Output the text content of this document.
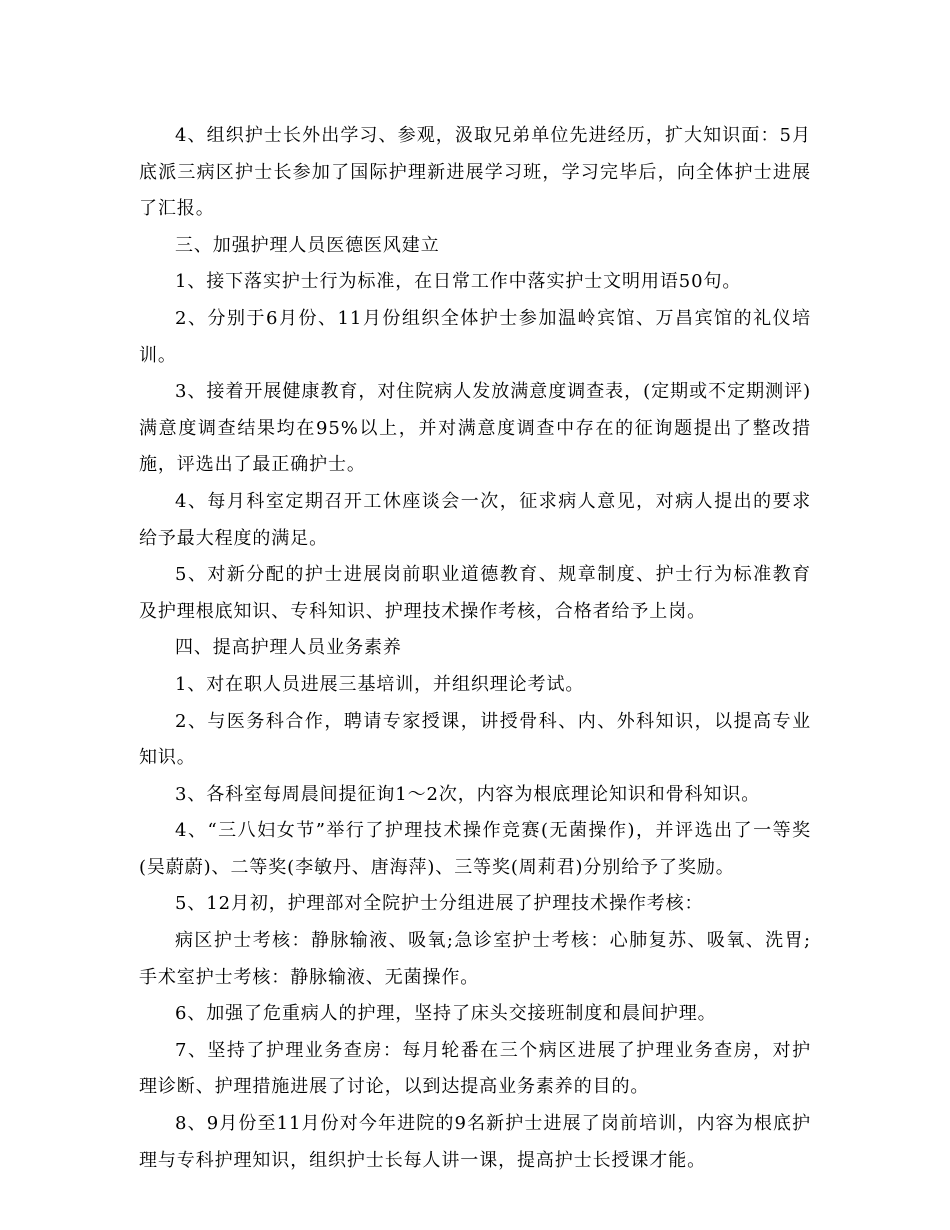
4、组织护士长外出学习、参观，汲取兄弟单位先进经历，扩大知识面：5月底派三病区护士长参加了国际护理新进展学习班，学习完毕后，向全体护士进展了汇报。

三、加强护理人员医德医风建立

1、接下落实护士行为标准，在日常工作中落实护士文明用语50句。

2、分别于6月份、11月份组织全体护士参加温岭宾馆、万昌宾馆的礼仪培训。

3、接着开展健康教育，对住院病人发放满意度调查表，(定期或不定期测评)满意度调查结果均在95%以上，并对满意度调查中存在的征询题提出了整改措施，评选出了最正确护士。

4、每月科室定期召开工休座谈会一次，征求病人意见，对病人提出的要求给予最大程度的满足。

5、对新分配的护士进展岗前职业道德教育、规章制度、护士行为标准教育及护理根底知识、专科知识、护理技术操作考核，合格者给予上岗。

四、提高护理人员业务素养

1、对在职人员进展三基培训，并组织理论考试。

2、与医务科合作，聘请专家授课，讲授骨科、内、外科知识，以提高专业知识。

3、各科室每周晨间提征询1～2次，内容为根底理论知识和骨科知识。

4、“三八妇女节”举行了护理技术操作竞赛(无菌操作)，并评选出了一等奖(吴蔚蔚)、二等奖(李敏丹、唐海萍)、三等奖(周莉君)分别给予了奖励。

5、12月初，护理部对全院护士分组进展了护理技术操作考核：

病区护士考核：静脉输液、吸氧;急诊室护士考核：心肺复苏、吸氧、洗胃;手术室护士考核：静脉输液、无菌操作。

6、加强了危重病人的护理，坚持了床头交接班制度和晨间护理。

7、坚持了护理业务查房：每月轮番在三个病区进展了护理业务查房，对护理诊断、护理措施进展了讨论，以到达提高业务素养的目的。

8、9月份至11月份对今年进院的9名新护士进展了岗前培训，内容为根底护理与专科护理知识，组织护士长每人讲一课，提高护士长授课才能。
